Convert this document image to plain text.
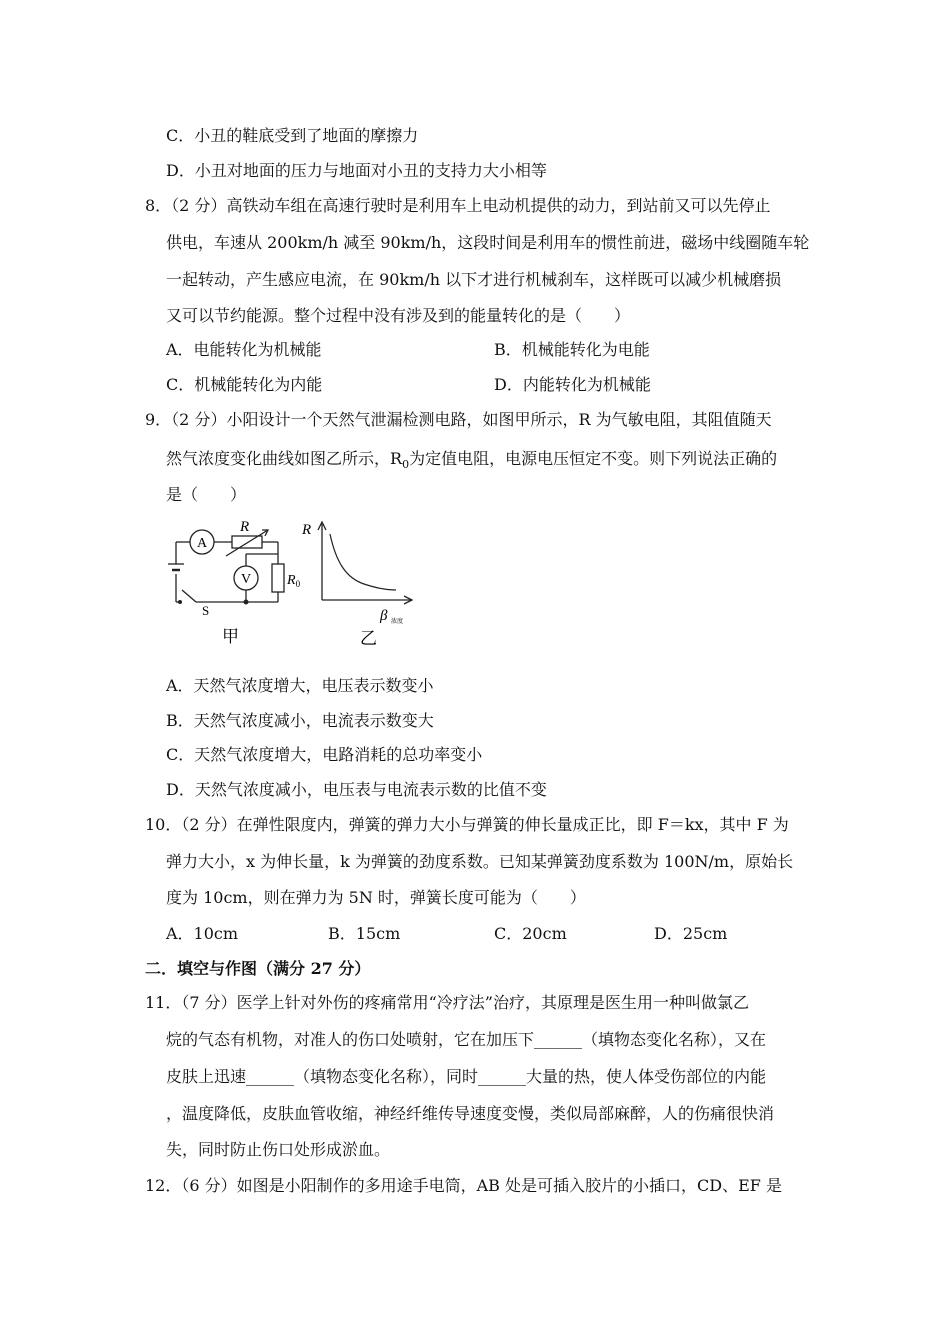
C．小丑的鞋底受到了地面的摩擦力
D．小丑对地面的压力与地面对小丑的支持力大小相等
8．（2 分）高铁动车组在高速行驶时是利用车上电动机提供的动力，到站前又可以先停止
供电，车速从 200km/h 减至 90km/h，这段时间是利用车的惯性前进，磁场中线圈随车轮
一起转动，产生感应电流，在 90km/h 以下才进行机械刹车，这样既可以减少机械磨损
又可以节约能源。整个过程中没有涉及到的能量转化的是（　　）
A．电能转化为机械能	B．机械能转化为电能
C．机械能转化为内能	D．内能转化为机械能
9．（2 分）小阳设计一个天然气泄漏检测电路，如图甲所示，R 为气敏电阻，其阻值随天
然气浓度变化曲线如图乙所示，$R_0$为定值电阻，电源电压恒定不变。则下列说法正确的
是（　　）
A
V
R
$R_0$
S
甲
R
β 浓度
乙
A．天然气浓度增大，电压表示数变小
B．天然气浓度减小，电流表示数变大
C．天然气浓度增大，电路消耗的总功率变小
D．天然气浓度减小，电压表与电流表示数的比值不变
10．（2 分）在弹性限度内，弹簧的弹力大小与弹簧的伸长量成正比，即 F＝kx，其中 F 为
弹力大小，x 为伸长量，k 为弹簧的劲度系数。已知某弹簧劲度系数为 100N/m，原始长
度为 10cm，则在弹力为 5N 时，弹簧长度可能为（　　）
A．10cm	B．15cm	C．20cm	D．25cm
二．填空与作图（满分 27 分）
11．（7 分）医学上针对外伤的疼痛常用“冷疗法”治疗，其原理是医生用一种叫做氯乙
烷的气态有机物，对准人的伤口处喷射，它在加压下______（填物态变化名称），又在
皮肤上迅速______（填物态变化名称），同时______大量的热，使人体受伤部位的内能
，温度降低，皮肤血管收缩，神经纤维传导速度变慢，类似局部麻醉，人的伤痛很快消
失，同时防止伤口处形成淤血。
12．（6 分）如图是小阳制作的多用途手电筒，AB 处是可插入胶片的小插口，CD、EF 是
